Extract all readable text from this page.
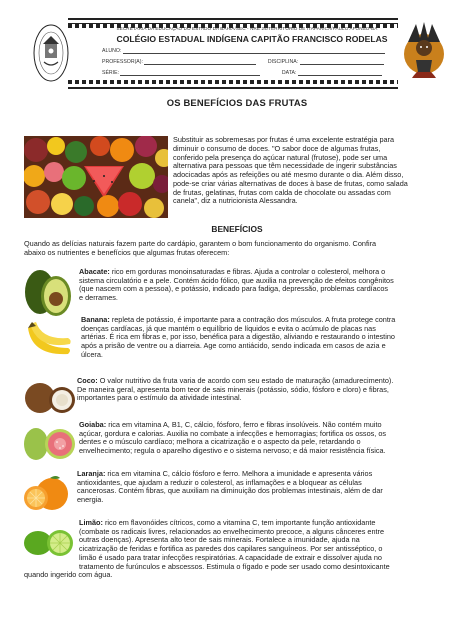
SECRETARIA DA EDUCAÇÃO DO ESTADO DA BAHIA/SEC - NRE 24/TERRITÓRIO DE ITAPARICA/PAULO AFONSO-BA
COLÉGIO ESTADUAL INDÍGENA CAPITÃO FRANCISCO RODELAS
ALUNO:
PROFESSOR(A):	DISCIPLINA:
SÉRIE:	DATA:
OS BENEFÍCIOS DAS FRUTAS
Substituir as sobremesas por frutas é uma excelente estratégia para
diminuir o consumo de doces. "O sabor doce de algumas frutas,
conferido pela presença do açúcar natural (frutose), pode ser uma
alternativa para pessoas que têm necessidade de ingerir substâncias
adocicadas após as refeições ou até mesmo durante o dia. Além disso,
pode-se criar várias alternativas de doces à base de frutas, como salada
de frutas, gelatinas, frutas com calda de chocolate ou assadas com
canela", diz a nutricionista Alessandra.
BENEFÍCIOS
Quando as delícias naturais fazem parte do cardápio, garantem o bom funcionamento do organismo. Confira
abaixo os nutrientes e benefícios que algumas frutas oferecem:
Abacate: rico em gorduras monoinsaturadas e fibras. Ajuda a controlar o colesterol, melhora o
sistema circulatório e a pele. Contém ácido fólico, que auxilia na prevenção de efeitos congênitos
(que nascem com a pessoa), e potássio, indicado para fadiga, depressão, problemas cardíacos
e derrames.
Banana: repleta de potássio, é importante para a contração dos músculos. A fruta protege contra
doenças cardíacas, já que mantém o equilíbrio de líquidos e evita o acúmulo de placas nas
artérias. É rica em fibras e, por isso, benéfica para a digestão, aliviando e restaurando o intestino
após a prisão de ventre ou a diarreia. Age como antiácido, sendo indicada em casos de azia e
úlcera.
Coco: O valor nutritivo da fruta varia de acordo com seu estado de maturação (amadurecimento).
De maneira geral, apresenta bom teor de sais minerais (potássio, sódio, fósforo e cloro) e fibras,
importantes para o estímulo da atividade intestinal.
Goiaba: rica em vitamina A, B1, C, cálcio, fósforo, ferro e fibras insolúveis. Não contém muito
açúcar, gordura e calorias. Auxilia no combate a infecções e hemorragias; fortifica os ossos, os
dentes e o músculo cardíaco; melhora a cicatrização e o aspecto da pele, retardando o
envelhecimento; regula o aparelho digestivo e o sistema nervoso; e dá maior resistência física.
Laranja: rica em vitamina C, cálcio fósforo e ferro. Melhora a imunidade e apresenta vários
antioxidantes, que ajudam a reduzir o colesterol, as inflamações e a bloquear as células
cancerosas. Contém fibras, que auxiliam na diminuição dos problemas intestinais, além de dar
energia.
Limão: rico em flavonóides cítricos, como a vitamina C, tem importante função antioxidante
(combate os radicais livres, relacionados ao envelhecimento precoce, a alguns cânceres entre
outras doenças). Apresenta alto teor de sais minerais. Fortalece a imunidade, ajuda na
cicatrização de feridas e fortifica as paredes dos capilares sanguíneos. Por ser antisséptico, o
limão é usado para tratar infecções respiratórias. A capacidade de extrair e dissolver ajuda no
tratamento de furúnculos e abscessos. Estimula o fígado e pode ser usado como desintoxicante
quando ingerido com água.
